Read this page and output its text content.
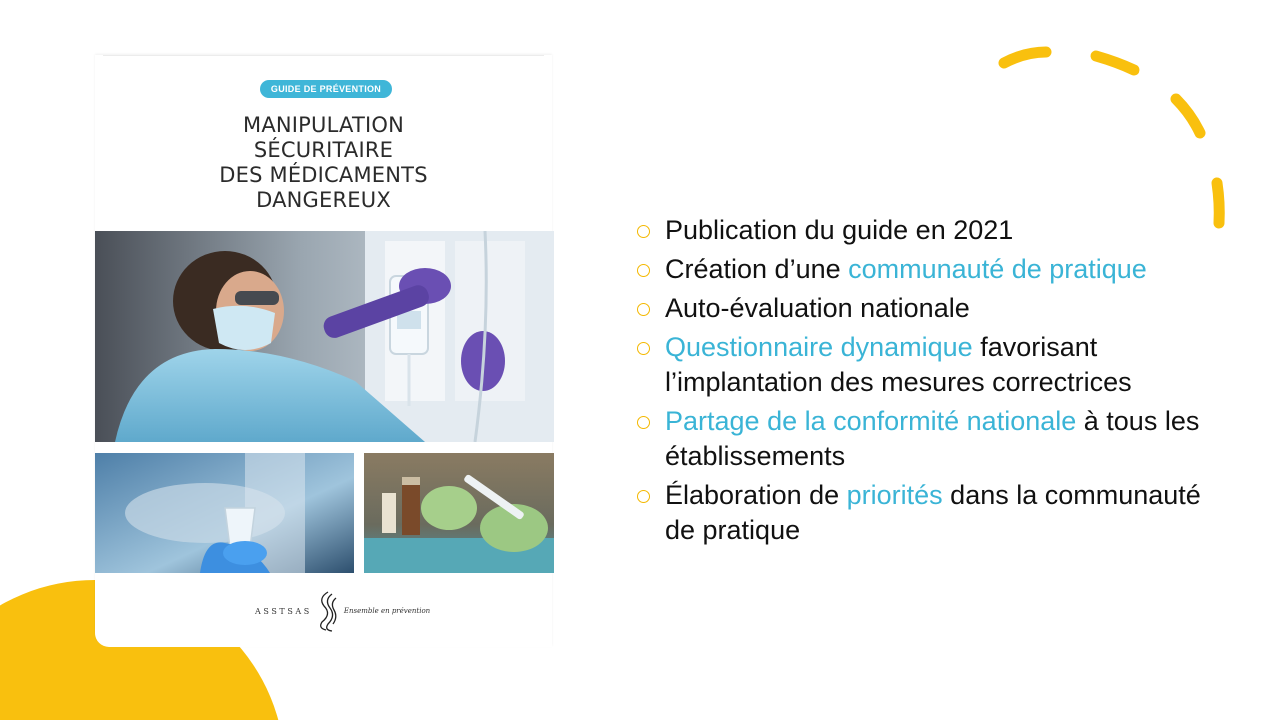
GUIDE DE PRÉVENTION
MANIPULATION
SÉCURITAIRE
DES MÉDICAMENTS
DANGEREUX
ASSTSAS	Ensemble en prévention
Publication du guide en 2021
Création d’une communauté de pratique
Auto-évaluation nationale
Questionnaire dynamique favorisant l’implantation des mesures correctrices
Partage de la conformité nationale à tous les établissements
Élaboration de priorités dans la communauté de pratique
